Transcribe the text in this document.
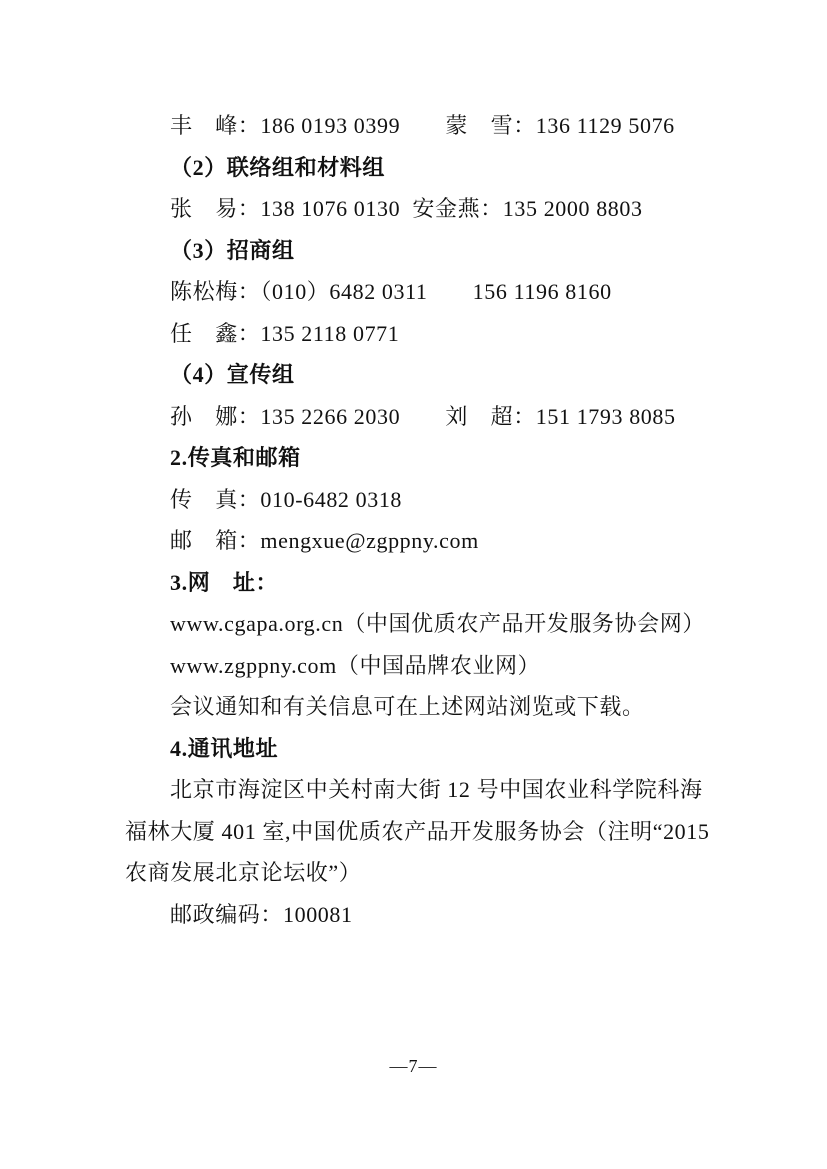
丰　峰：186 0193 0399　　蒙　雪：136 1129 5076
（2）联络组和材料组
张　易：138 1076 0130  安金燕：135 2000 8803
（3）招商组
陈松梅：（010）6482 0311　　156 1196 8160
任　鑫：135 2118 0771
（4）宣传组
孙　娜：135 2266 2030　　刘　超：151 1793 8085
2.传真和邮箱
传　真：010-6482 0318
邮　箱：mengxue@zgppny.com
3.网　址：
www.cgapa.org.cn（中国优质农产品开发服务协会网）
www.zgppny.com（中国品牌农业网）
会议通知和有关信息可在上述网站浏览或下载。
4.通讯地址
北京市海淀区中关村南大街 12 号中国农业科学院科海
福林大厦 401 室,中国优质农产品开发服务协会（注明“2015
农商发展北京论坛收”）
邮政编码：100081
—7—
